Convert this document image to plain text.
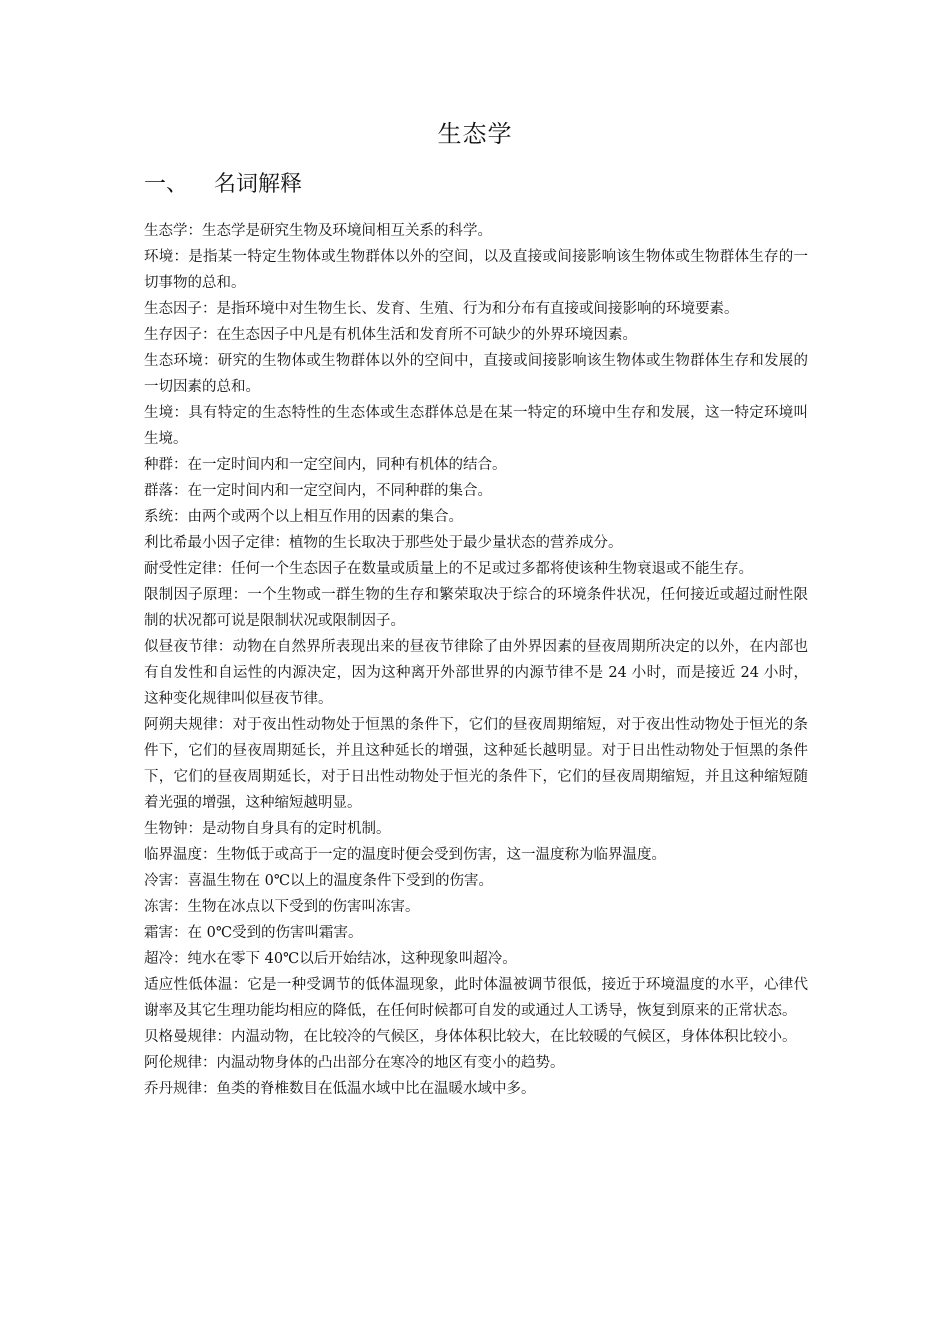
生态学
一、 名词解释

生态学：生态学是研究生物及环境间相互关系的科学。

环境：是指某一特定生物体或生物群体以外的空间，以及直接或间接影响该生物体或生物群体生存的一切事物的总和。

生态因子：是指环境中对生物生长、发育、生殖、行为和分布有直接或间接影响的环境要素。

生存因子：在生态因子中凡是有机体生活和发育所不可缺少的外界环境因素。

生态环境：研究的生物体或生物群体以外的空间中，直接或间接影响该生物体或生物群体生存和发展的一切因素的总和。

生境：具有特定的生态特性的生态体或生态群体总是在某一特定的环境中生存和发展，这一特定环境叫生境。

种群：在一定时间内和一定空间内，同种有机体的结合。

群落：在一定时间内和一定空间内，不同种群的集合。

系统：由两个或两个以上相互作用的因素的集合。

利比希最小因子定律：植物的生长取决于那些处于最少量状态的营养成分。

耐受性定律：任何一个生态因子在数量或质量上的不足或过多都将使该种生物衰退或不能生存。

限制因子原理：一个生物或一群生物的生存和繁荣取决于综合的环境条件状况，任何接近或超过耐性限制的状况都可说是限制状况或限制因子。

似昼夜节律：动物在自然界所表现出来的昼夜节律除了由外界因素的昼夜周期所决定的以外，在内部也有自发性和自运性的内源决定，因为这种离开外部世界的内源节律不是 24 小时，而是接近 24 小时，这种变化规律叫似昼夜节律。

阿朔夫规律：对于夜出性动物处于恒黑的条件下，它们的昼夜周期缩短，对于夜出性动物处于恒光的条件下，它们的昼夜周期延长，并且这种延长的增强，这种延长越明显。对于日出性动物处于恒黑的条件下，它们的昼夜周期延长，对于日出性动物处于恒光的条件下，它们的昼夜周期缩短，并且这种缩短随着光强的增强，这种缩短越明显。

生物钟：是动物自身具有的定时机制。

临界温度：生物低于或高于一定的温度时便会受到伤害，这一温度称为临界温度。

冷害：喜温生物在 0℃以上的温度条件下受到的伤害。

冻害：生物在冰点以下受到的伤害叫冻害。

霜害：在 0℃受到的伤害叫霜害。

超冷：纯水在零下 40℃以后开始结冰，这种现象叫超冷。

适应性低体温：它是一种受调节的低体温现象，此时体温被调节很低，接近于环境温度的水平，心律代谢率及其它生理功能均相应的降低，在任何时候都可自发的或通过人工诱导，恢复到原来的正常状态。

贝格曼规律：内温动物，在比较冷的气候区，身体体积比较大，在比较暖的气候区，身体体积比较小。

阿伦规律：内温动物身体的凸出部分在寒冷的地区有变小的趋势。

乔丹规律：鱼类的脊椎数目在低温水域中比在温暖水域中多。
